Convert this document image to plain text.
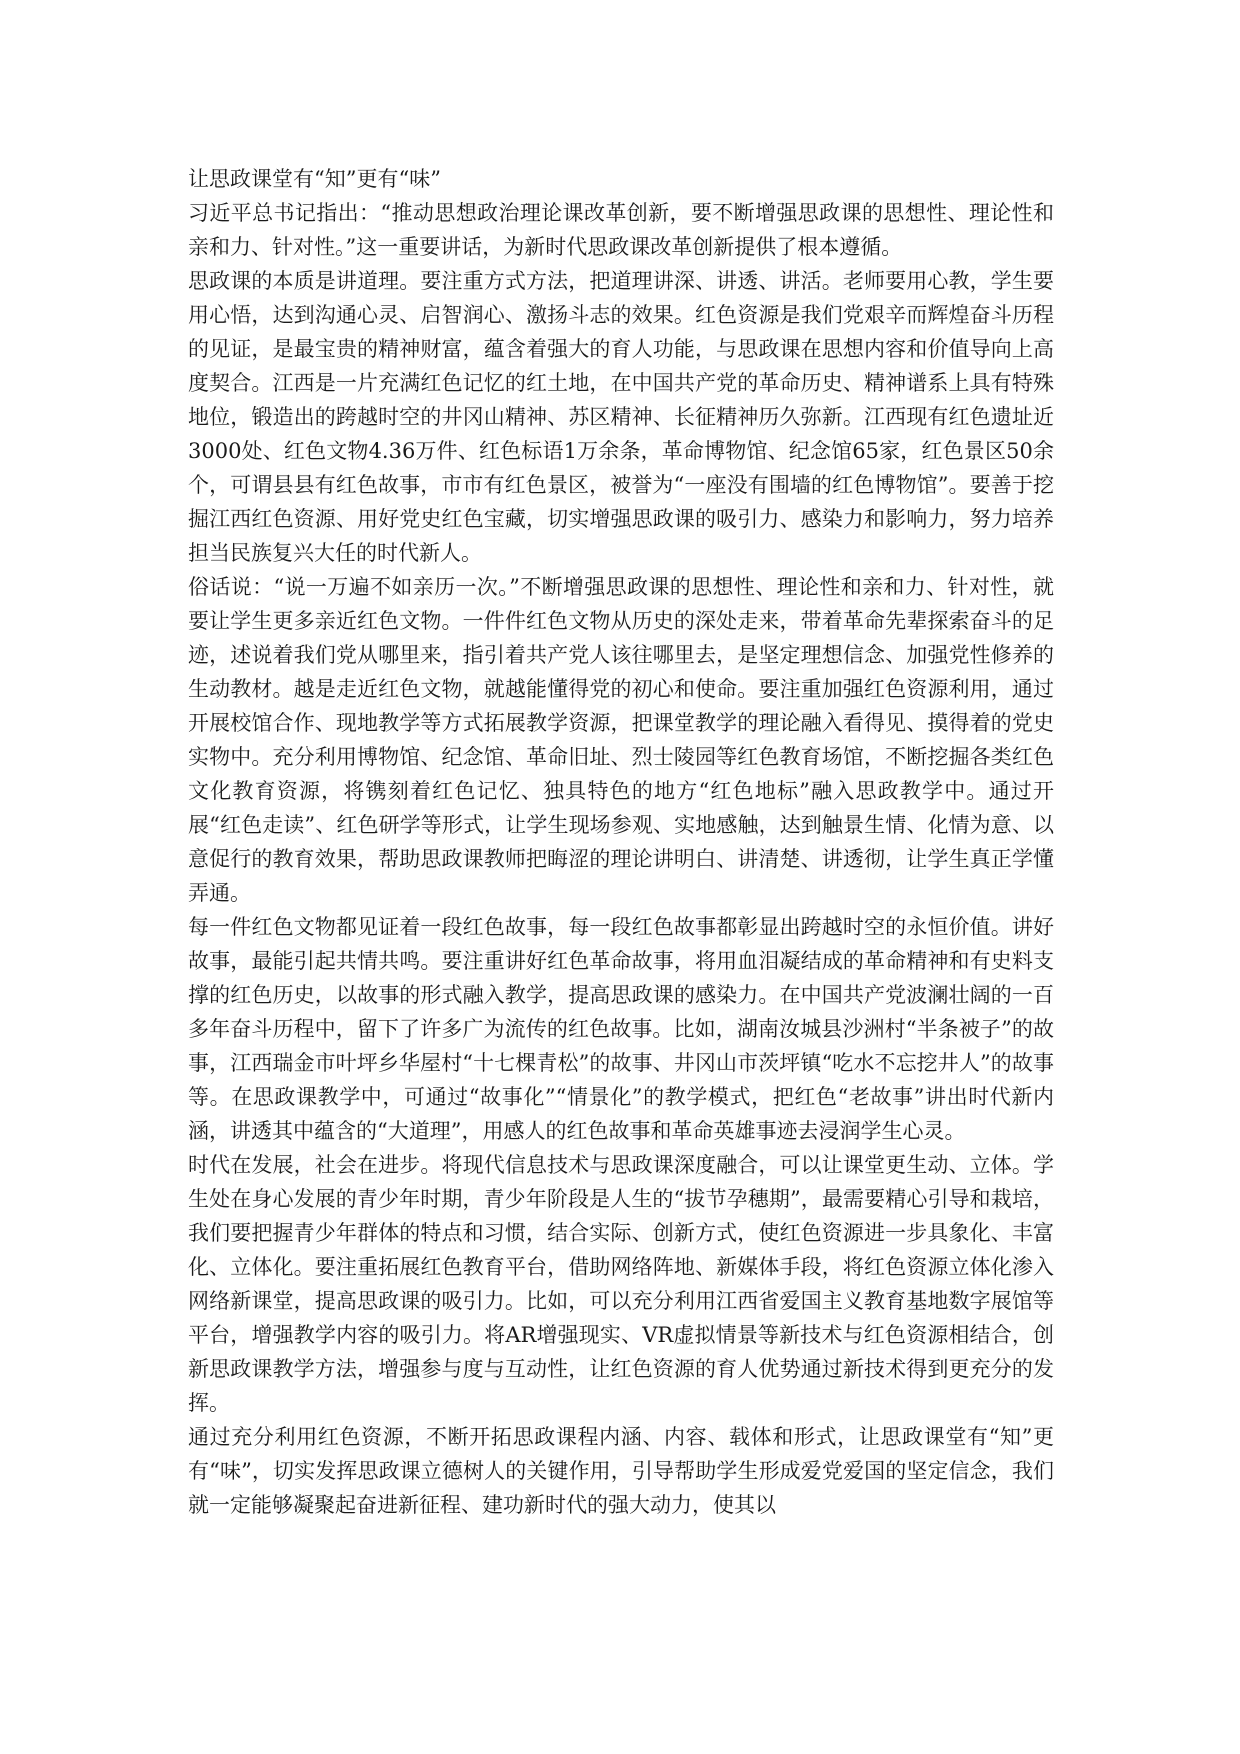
让思政课堂有“知”更有“味”

习近平总书记指出：“推动思想政治理论课改革创新，要不断增强思政课的思想性、理论性和亲和力、针对性。”这一重要讲话，为新时代思政课改革创新提供了根本遵循。

思政课的本质是讲道理。要注重方式方法，把道理讲深、讲透、讲活。老师要用心教，学生要用心悟，达到沟通心灵、启智润心、激扬斗志的效果。红色资源是我们党艰辛而辉煌奋斗历程的见证，是最宝贵的精神财富，蕴含着强大的育人功能，与思政课在思想内容和价值导向上高度契合。江西是一片充满红色记忆的红土地，在中国共产党的革命历史、精神谱系上具有特殊地位，锻造出的跨越时空的井冈山精神、苏区精神、长征精神历久弥新。江西现有红色遗址近3000处、红色文物4.36万件、红色标语1万余条，革命博物馆、纪念馆65家，红色景区50余个，可谓县县有红色故事，市市有红色景区，被誉为“一座没有围墙的红色博物馆”。要善于挖掘江西红色资源、用好党史红色宝藏，切实增强思政课的吸引力、感染力和影响力，努力培养担当民族复兴大任的时代新人。

俗话说：“说一万遍不如亲历一次。”不断增强思政课的思想性、理论性和亲和力、针对性，就要让学生更多亲近红色文物。一件件红色文物从历史的深处走来，带着革命先辈探索奋斗的足迹，述说着我们党从哪里来，指引着共产党人该往哪里去，是坚定理想信念、加强党性修养的生动教材。越是走近红色文物，就越能懂得党的初心和使命。要注重加强红色资源利用，通过开展校馆合作、现地教学等方式拓展教学资源，把课堂教学的理论融入看得见、摸得着的党史实物中。充分利用博物馆、纪念馆、革命旧址、烈士陵园等红色教育场馆，不断挖掘各类红色文化教育资源，将镌刻着红色记忆、独具特色的地方“红色地标”融入思政教学中。通过开展“红色走读”、红色研学等形式，让学生现场参观、实地感触，达到触景生情、化情为意、以意促行的教育效果，帮助思政课教师把晦涩的理论讲明白、讲清楚、讲透彻，让学生真正学懂弄通。

每一件红色文物都见证着一段红色故事，每一段红色故事都彰显出跨越时空的永恒价值。讲好故事，最能引起共情共鸣。要注重讲好红色革命故事，将用血泪凝结成的革命精神和有史料支撑的红色历史，以故事的形式融入教学，提高思政课的感染力。在中国共产党波澜壮阔的一百多年奋斗历程中，留下了许多广为流传的红色故事。比如，湖南汝城县沙洲村“半条被子”的故事，江西瑞金市叶坪乡华屋村“十七棵青松”的故事、井冈山市茨坪镇“吃水不忘挖井人”的故事等。在思政课教学中，可通过“故事化”“情景化”的教学模式，把红色“老故事”讲出时代新内涵，讲透其中蕴含的“大道理”，用感人的红色故事和革命英雄事迹去浸润学生心灵。

时代在发展，社会在进步。将现代信息技术与思政课深度融合，可以让课堂更生动、立体。学生处在身心发展的青少年时期，青少年阶段是人生的“拔节孕穗期”，最需要精心引导和栽培，我们要把握青少年群体的特点和习惯，结合实际、创新方式，使红色资源进一步具象化、丰富化、立体化。要注重拓展红色教育平台，借助网络阵地、新媒体手段，将红色资源立体化渗入网络新课堂，提高思政课的吸引力。比如，可以充分利用江西省爱国主义教育基地数字展馆等平台，增强教学内容的吸引力。将AR增强现实、VR虚拟情景等新技术与红色资源相结合，创新思政课教学方法，增强参与度与互动性，让红色资源的育人优势通过新技术得到更充分的发挥。

通过充分利用红色资源，不断开拓思政课程内涵、内容、载体和形式，让思政课堂有“知”更有“味”，切实发挥思政课立德树人的关键作用，引导帮助学生形成爱党爱国的坚定信念，我们就一定能够凝聚起奋进新征程、建功新时代的强大动力，使其以
